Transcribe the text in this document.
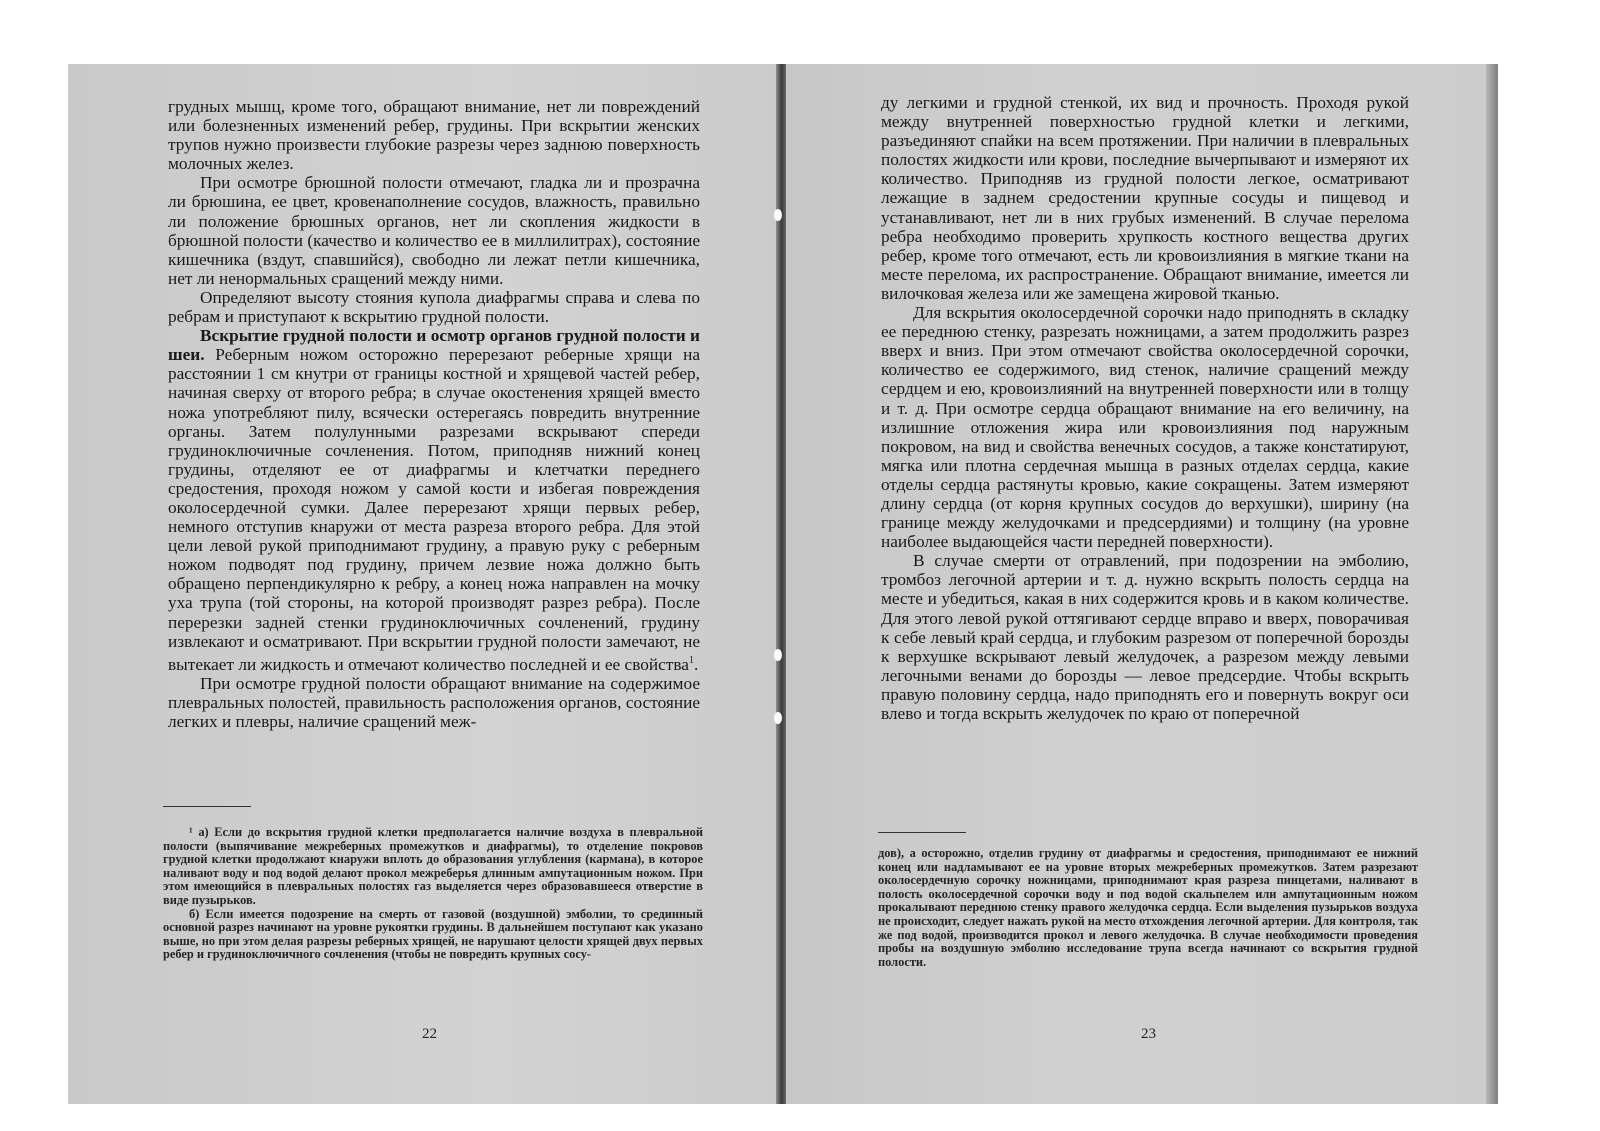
грудных мышц, кроме того, обращают внимание, нет ли повреждений или болезненных изменений ребер, грудины. При вскрытии женских трупов нужно произвести глубокие разрезы через заднюю поверхность молочных желез.

При осмотре брюшной полости отмечают, гладка ли и прозрачна ли брюшина, ее цвет, кровенаполнение сосудов, влажность, правильно ли положение брюшных органов, нет ли скопления жидкости в брюшной полости (качество и количество ее в миллилитрах), состояние кишечника (вздут, спавшийся), свободно ли лежат петли кишечника, нет ли ненормальных сращений между ними.

Определяют высоту стояния купола диафрагмы справа и слева по ребрам и приступают к вскрытию грудной полости.

Вскрытие грудной полости и осмотр органов грудной полости и шеи. Реберным ножом осторожно перерезают реберные хрящи на расстоянии 1 см кнутри от границы костной и хрящевой частей ребер, начиная сверху от второго ребра; в случае окостенения хрящей вместо ножа употребляют пилу, всячески остерегаясь повредить внутренние органы. Затем полулунными разрезами вскрывают спереди грудиноключичные сочленения. Потом, приподняв нижний конец грудины, отделяют ее от диафрагмы и клетчатки переднего средостения, проходя ножом у самой кости и избегая повреждения околосердечной сумки. Далее перерезают хрящи первых ребер, немного отступив кнаружи от места разреза второго ребра. Для этой цели левой рукой приподнимают грудину, а правую руку с реберным ножом подводят под грудину, причем лезвие ножа должно быть обращено перпендикулярно к ребру, а конец ножа направлен на мочку уха трупа (той стороны, на которой производят разрез ребра). После перерезки задней стенки грудиноключичных сочленений, грудину извлекают и осматривают. При вскрытии грудной полости замечают, не вытекает ли жидкость и отмечают количество последней и ее свойства$^1$.

При осмотре грудной полости обращают внимание на содержимое плевральных полостей, правильность расположения органов, состояние легких и плевры, наличие сращений меж-

¹ а) Если до вскрытия грудной клетки предполагается наличие воздуха в плевральной полости (выпячивание межреберных промежутков и диафрагмы), то отделение покровов грудной клетки продолжают кнаружи вплоть до образования углубления (кармана), в которое наливают воду и под водой делают прокол межреберья длинным ампутационным ножом. При этом имеющийся в плевральных полостях газ выделяется через образовавшееся отверстие в виде пузырьков.

б) Если имеется подозрение на смерть от газовой (воздушной) эмболии, то срединный основной разрез начинают на уровне рукоятки грудины. В дальнейшем поступают как указано выше, но при этом делая разрезы реберных хрящей, не нарушают целости хрящей двух первых ребер и грудиноключичного сочленения (чтобы не повредить крупных сосу-

22

ду легкими и грудной стенкой, их вид и прочность. Проходя рукой между внутренней поверхностью грудной клетки и легкими, разъединяют спайки на всем протяжении. При наличии в плевральных полостях жидкости или крови, последние вычерпывают и измеряют их количество. Приподняв из грудной полости легкое, осматривают лежащие в заднем средостении крупные сосуды и пищевод и устанавливают, нет ли в них грубых изменений. В случае перелома ребра необходимо проверить хрупкость костного вещества других ребер, кроме того отмечают, есть ли кровоизлияния в мягкие ткани на месте перелома, их распространение. Обращают внимание, имеется ли вилочковая железа или же замещена жировой тканью.

Для вскрытия околосердечной сорочки надо приподнять в складку ее переднюю стенку, разрезать ножницами, а затем продолжить разрез вверх и вниз. При этом отмечают свойства околосердечной сорочки, количество ее содержимого, вид стенок, наличие сращений между сердцем и ею, кровоизлияний на внутренней поверхности или в толщу и т. д. При осмотре сердца обращают внимание на его величину, на излишние отложения жира или кровоизлияния под наружным покровом, на вид и свойства венечных сосудов, а также констатируют, мягка или плотна сердечная мышца в разных отделах сердца, какие отделы сердца растянуты кровью, какие сокращены. Затем измеряют длину сердца (от корня крупных сосудов до верхушки), ширину (на границе между желудочками и предсердиями) и толщину (на уровне наиболее выдающейся части передней поверхности).

В случае смерти от отравлений, при подозрении на эмболию, тромбоз легочной артерии и т. д. нужно вскрыть полость сердца на месте и убедиться, какая в них содержится кровь и в каком количестве. Для этого левой рукой оттягивают сердце вправо и вверх, поворачивая к себе левый край сердца, и глубоким разрезом от поперечной борозды к верхушке вскрывают левый желудочек, а разрезом между левыми легочными венами до борозды — левое предсердие. Чтобы вскрыть правую половину сердца, надо приподнять его и повернуть вокруг оси влево и тогда вскрыть желудочек по краю от поперечной

дов), а осторожно, отделив грудину от диафрагмы и средостения, приподнимают ее нижний конец или надламывают ее на уровне вторых межреберных промежутков. Затем разрезают околосердечную сорочку ножницами, приподнимают края разреза пинцетами, наливают в полость околосердечной сорочки воду и под водой скальпелем или ампутационным ножом прокалывают переднюю стенку правого желудочка сердца. Если выделения пузырьков воздуха не происходит, следует нажать рукой на место отхождения легочной артерии. Для контроля, так же под водой, производится прокол и левого желудочка. В случае необходимости проведения пробы на воздушную эмболию исследование трупа всегда начинают со вскрытия грудной полости.

23
